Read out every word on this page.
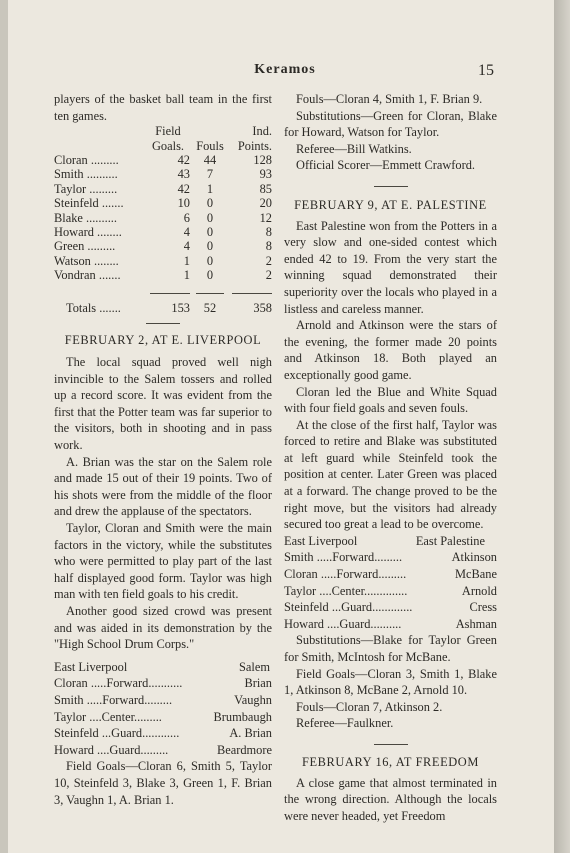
Keramos	15

players of the basket ball team in the first ten games.

	Field		Ind.
	Goals.	Fouls	Points.
Cloran .........	42	44	128
Smith ..........	43	7	93
Taylor .........	42	1	85
Steinfeld .......	10	0	20
Blake ..........	6	0	12
Howard ........	4	0	8
Green .........	4	0	8
Watson ........	1	0	2
Vondran .......	1	0	2

Totals .......	153	52	358

FEBRUARY 2, AT E. LIVERPOOL

The local squad proved well nigh invincible to the Salem tossers and rolled up a record score. It was evident from the first that the Potter team was far superior to the visitors, both in shooting and in pass work.

A. Brian was the star on the Salem role and made 15 out of their 19 points. Two of his shots were from the middle of the floor and drew the applause of the spectators.

Taylor, Cloran and Smith were the main factors in the victory, while the substitutes who were permitted to play part of the last half displayed good form. Taylor was high man with ten field goals to his credit.

Another good sized crowd was present and was aided in its demonstration by the "High School Drum Corps."

East Liverpool	Salem
Cloran .....Forward...........	Brian
Smith .....Forward.........	Vaughn
Taylor ....Center.........	Brumbaugh
Steinfeld ...Guard............	A. Brian
Howard ....Guard.........	Beardmore

Field Goals—Cloran 6, Smith 5, Taylor 10, Steinfeld 3, Blake 3, Green 1, F. Brian 3, Vaughn 1, A. Brian 1.

Fouls—Cloran 4, Smith 1, F. Brian 9.

Substitutions—Green for Cloran, Blake for Howard, Watson for Taylor.

Referee—Bill Watkins.

Official Scorer—Emmett Crawford.

FEBRUARY 9, AT E. PALESTINE

East Palestine won from the Potters in a very slow and one-sided contest which ended 42 to 19. From the very start the winning squad demonstrated their superiority over the locals who played in a listless and careless manner.

Arnold and Atkinson were the stars of the evening, the former made 20 points and Atkinson 18. Both played an exceptionally good game.

Cloran led the Blue and White Squad with four field goals and seven fouls.

At the close of the first half, Taylor was forced to retire and Blake was substituted at left guard while Steinfeld took the position at center. Later Green was placed at a forward. The change proved to be the right move, but the visitors had already secured too great a lead to be overcome.

East Liverpool	East Palestine
Smith .....Forward.........	Atkinson
Cloran .....Forward.........	McBane
Taylor ....Center..............	Arnold
Steinfeld ...Guard.............	Cress
Howard ....Guard..........	Ashman

Substitutions—Blake for Taylor Green for Smith, McIntosh for McBane.

Field Goals—Cloran 3, Smith 1, Blake 1, Atkinson 8, McBane 2, Arnold 10.

Fouls—Cloran 7, Atkinson 2.

Referee—Faulkner.

FEBRUARY 16, AT FREEDOM

A close game that almost terminated in the wrong direction. Although the locals were never headed, yet Freedom
